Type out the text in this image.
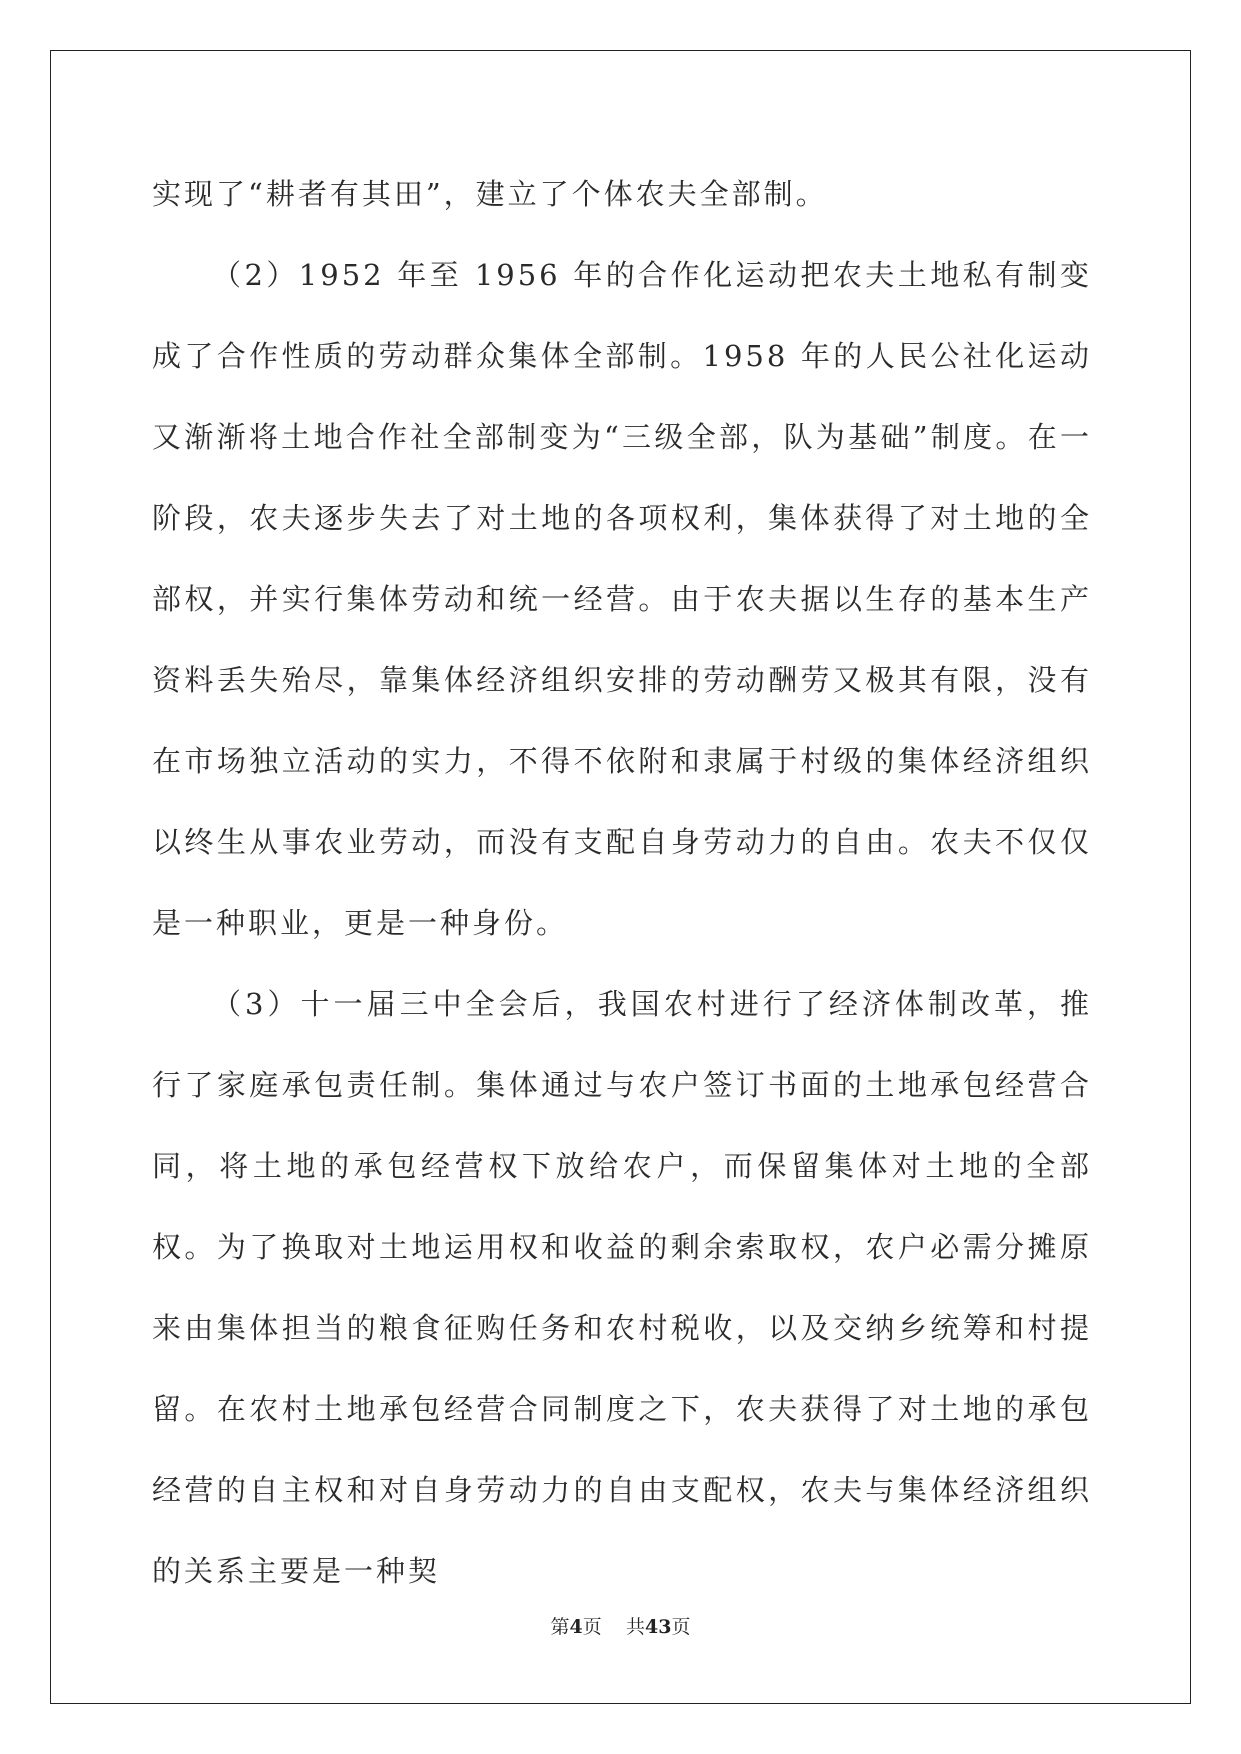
实现了“耕者有其田”，建立了个体农夫全部制。

（2）1952 年至 1956 年的合作化运动把农夫土地私有制变成了合作性质的劳动群众集体全部制。1958 年的人民公社化运动又渐渐将土地合作社全部制变为“三级全部，队为基础”制度。在一阶段，农夫逐步失去了对土地的各项权利，集体获得了对土地的全部权，并实行集体劳动和统一经营。由于农夫据以生存的基本生产资料丢失殆尽，靠集体经济组织安排的劳动酬劳又极其有限，没有在市场独立活动的实力，不得不依附和隶属于村级的集体经济组织以终生从事农业劳动，而没有支配自身劳动力的自由。农夫不仅仅是一种职业，更是一种身份。

（3）十一届三中全会后，我国农村进行了经济体制改革，推行了家庭承包责任制。集体通过与农户签订书面的土地承包经营合同，将土地的承包经营权下放给农户，而保留集体对土地的全部权。为了换取对土地运用权和收益的剩余索取权，农户必需分摊原来由集体担当的粮食征购任务和农村税收，以及交纳乡统筹和村提留。在农村土地承包经营合同制度之下，农夫获得了对土地的承包经营的自主权和对自身劳动力的自由支配权，农夫与集体经济组织的关系主要是一种契

第4页 共43页
